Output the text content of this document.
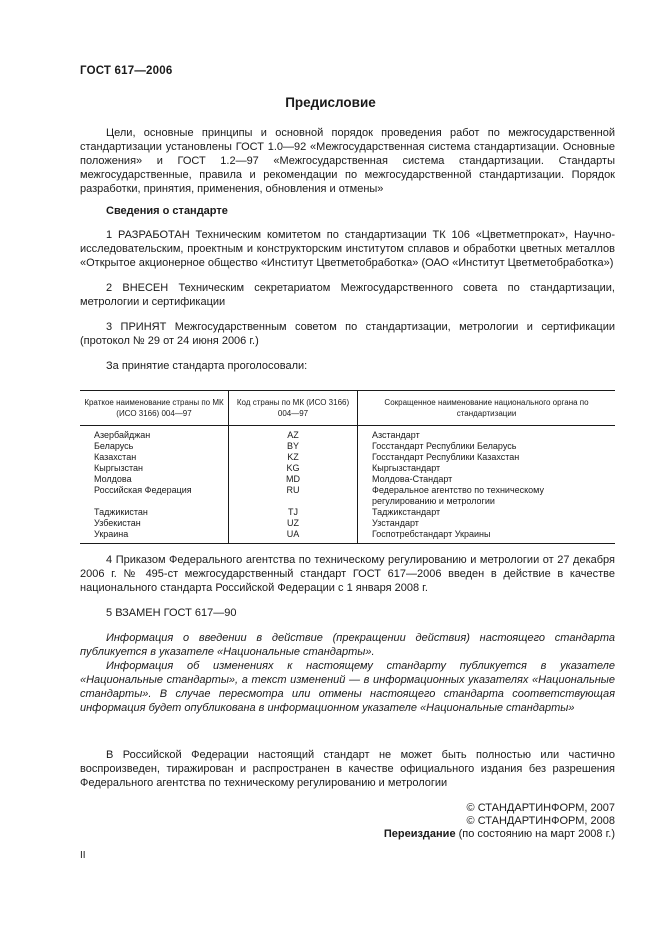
ГОСТ 617—2006
Предисловие
Цели, основные принципы и основной порядок проведения работ по межгосударственной стандартизации установлены ГОСТ 1.0—92 «Межгосударственная система стандартизации. Основные положения» и ГОСТ 1.2—97 «Межгосударственная система стандартизации. Стандарты межгосударственные, правила и рекомендации по межгосударственной стандартизации. Порядок разработки, принятия, применения, обновления и отмены»
Сведения о стандарте
1 РАЗРАБОТАН Техническим комитетом по стандартизации ТК 106 «Цветметпрокат», Научно-исследовательским, проектным и конструкторским институтом сплавов и обработки цветных металлов «Открытое акционерное общество «Институт Цветметобработка» (ОАО «Институт Цветметобработка»)
2 ВНЕСЕН Техническим секретариатом Межгосударственного совета по стандартизации, метрологии и сертификации
3 ПРИНЯТ Межгосударственным советом по стандартизации, метрологии и сертификации (протокол № 29 от 24 июня 2006 г.)
За принятие стандарта проголосовали:
Краткое наименование страны по МК (ИСО 3166) 004—97	Код страны по МК (ИСО 3166) 004—97	Сокращенное наименование национального органа по стандартизации
Азербайджан	AZ	Азстандарт
Беларусь	BY	Госстандарт Республики Беларусь
Казахстан	KZ	Госстандарт Республики Казахстан
Кыргызстан	KG	Кыргызстандарт
Молдова	MD	Молдова-Стандарт
Российская Федерация	RU	Федеральное агентство по техническому регулированию и метрологии
Таджикистан	TJ	Таджикстандарт
Узбекистан	UZ	Узстандарт
Украина	UA	Госпотребстандарт Украины
4 Приказом Федерального агентства по техническому регулированию и метрологии от 27 декабря 2006 г. № 495-ст межгосударственный стандарт ГОСТ 617—2006 введен в действие в качестве национального стандарта Российской Федерации с 1 января 2008 г.
5 ВЗАМЕН ГОСТ 617—90
Информация о введении в действие (прекращении действия) настоящего стандарта публикуется в указателе «Национальные стандарты».
Информация об изменениях к настоящему стандарту публикуется в указателе «Национальные стандарты», а текст изменений — в информационных указателях «Национальные стандарты». В случае пересмотра или отмены настоящего стандарта соответствующая информация будет опубликована в информационном указателе «Национальные стандарты»
В Российской Федерации настоящий стандарт не может быть полностью или частично воспроизведен, тиражирован и распространен в качестве официального издания без разрешения Федерального агентства по техническому регулированию и метрологии
© СТАНДАРТИНФОРМ, 2007
© СТАНДАРТИНФОРМ, 2008
Переиздание (по состоянию на март 2008 г.)
II
